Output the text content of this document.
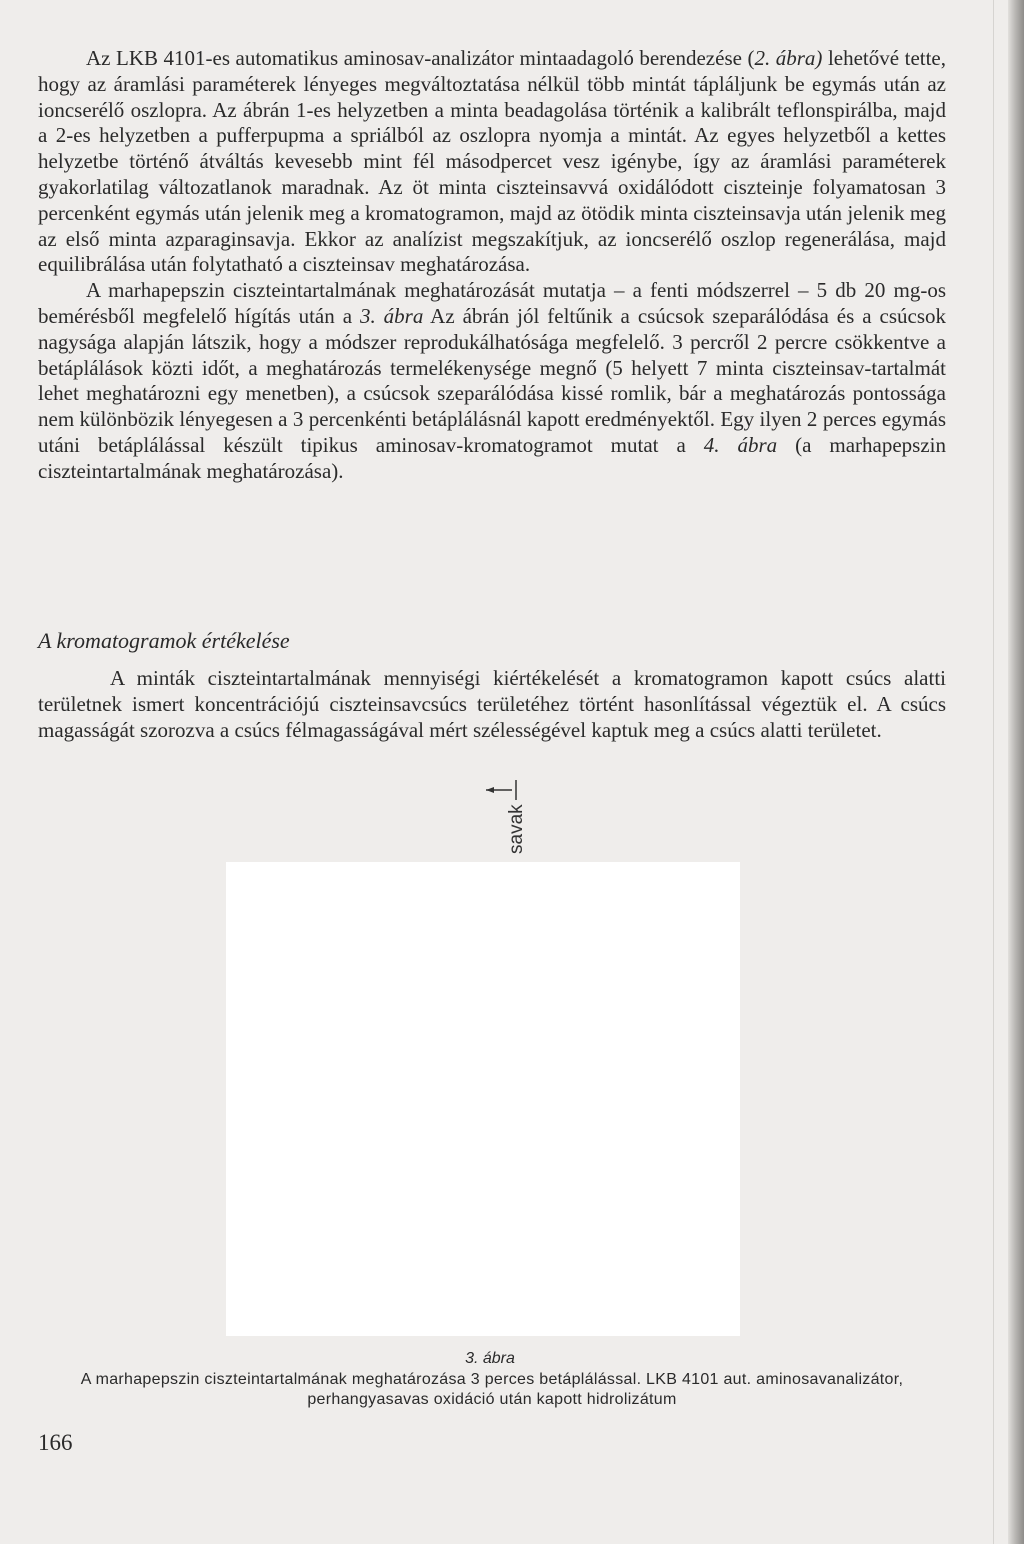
Az LKB 4101-es automatikus aminosav-analizátor mintaadagoló berendezése (2. ábra) lehetővé tette, hogy az áramlási paraméterek lényeges megváltoztatása nélkül több mintát tápláljunk be egymás után az ioncserélő oszlopra. Az ábrán 1-es helyzetben a minta beadagolása történik a kalibrált teflonspirálba, majd a 2-es helyzetben a pufferpupma a spriálból az oszlopra nyomja a mintát. Az egyes helyzetből a kettes helyzetbe történő átváltás kevesebb mint fél másodpercet vesz igénybe, így az áramlási paraméterek gyakorlatilag változatlanok maradnak. Az öt minta ciszteinsavvá oxidálódott ciszteinje folyamatosan 3 percenként egymás után jelenik meg a kromatogramon, majd az ötödik minta ciszteinsavja után jelenik meg az első minta azparaginsavja. Ekkor az analízist megszakítjuk, az ioncserélő oszlop regenerálása, majd equilibrálása után folytatható a ciszteinsav meghatározása.

A marhapepszin ciszteintartalmának meghatározását mutatja – a fenti módszerrel – 5 db 20 mg-os bemérésből megfelelő hígítás után a 3. ábra Az ábrán jól feltűnik a csúcsok szeparálódása és a csúcsok nagysága alapján látszik, hogy a módszer reprodukálhatósága megfelelő. 3 percről 2 percre csökkentve a betáplálások közti időt, a meghatározás termelékenysége megnő (5 helyett 7 minta ciszteinsav-tartalmát lehet meghatározni egy menetben), a csúcsok szeparálódása kissé romlik, bár a meghatározás pontossága nem különbözik lényegesen a 3 percenkénti betáplálásnál kapott eredményektől. Egy ilyen 2 perces egymás utáni betáplálással készült tipikus aminosav-kromatogramot mutat a 4. ábra (a marhapepszin ciszteintartalmának meghatározása).

A kromatogramok értékelése

A minták ciszteintartalmának mennyiségi kiértékelését a kromatogramon kapott csúcs alatti területnek ismert koncentrációjú ciszteinsavcsúcs területéhez történt hasonlítással végeztük el. A csúcs magasságát szorozva a csúcs félmagasságával mért szélességével kaptuk meg a csúcs alatti területet.

savak
3. ábra
A marhapepszin ciszteintartalmának meghatározása 3 perces betáplálással. LKB 4101 aut. aminosavanalizátor, perhangyasavas oxidáció után kapott hidrolizátum
166
